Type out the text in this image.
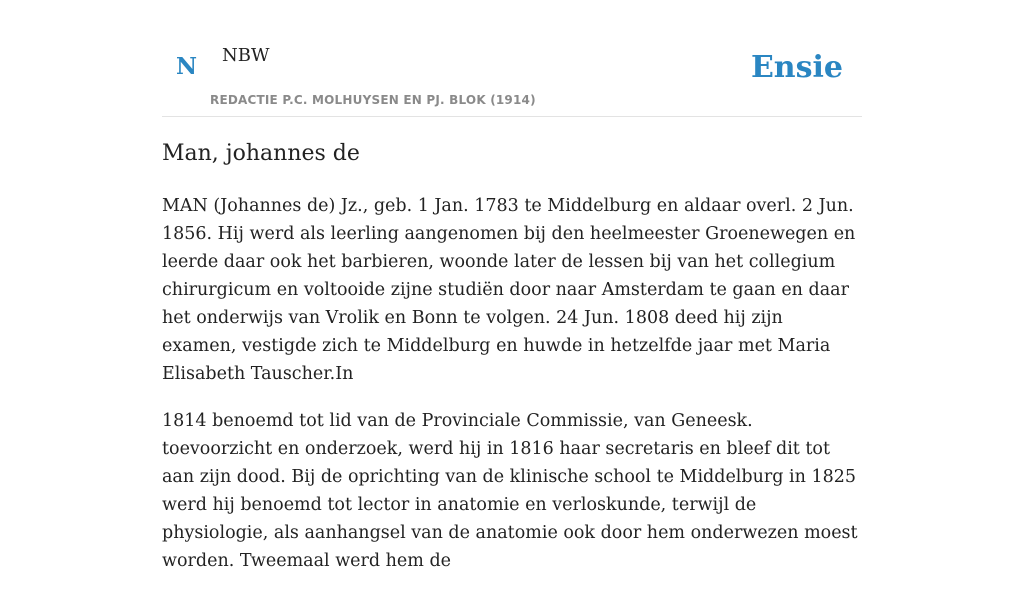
N NBW
REDACTIE P.C. MOLHUYSEN EN PJ. BLOK (1914)
Ensie
Man, johannes de

MAN (Johannes de) Jz., geb. 1 Jan. 1783 te Middelburg en aldaar overl. 2 Jun. 1856. Hij werd als leerling aangenomen bij den heelmeester Groenewegen en leerde daar ook het barbieren, woonde later de lessen bij van het collegium chirurgicum en voltooide zijne studiën door naar Amsterdam te gaan en daar het onderwijs van Vrolik en Bonn te volgen. 24 Jun. 1808 deed hij zijn examen, vestigde zich te Middelburg en huwde in hetzelfde jaar met Maria Elisabeth Tauscher.In

1814 benoemd tot lid van de Provinciale Commissie, van Geneesk. toevoorzicht en onderzoek, werd hij in 1816 haar secretaris en bleef dit tot aan zijn dood. Bij de oprichting van de klinische school te Middelburg in 1825 werd hij benoemd tot lector in anatomie en verloskunde, terwijl de physiologie, als aanhangsel van de anatomie ook door hem onderwezen moest worden. Tweemaal werd hem de
